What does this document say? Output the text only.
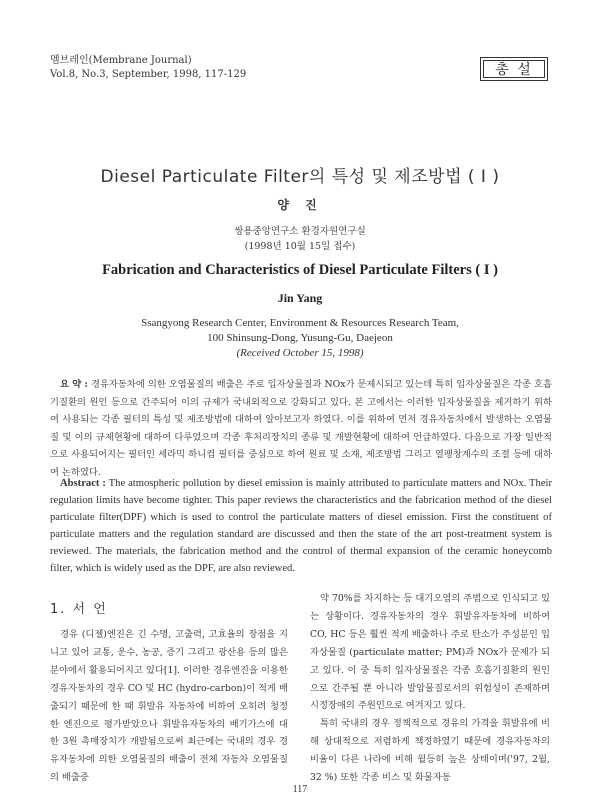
멤브레인(Membrane Journal)
Vol.8, No.3, September, 1998, 117-129	총 설
Diesel Particulate Filter의 특성 및 제조방법 ( I )
양 진
쌍용중앙연구소 환경자원연구실
(1998년 10월 15일 접수)
Fabrication and Characteristics of Diesel Particulate Filters ( I )
Jin Yang
Ssangyong Research Center, Environment & Resources Research Team,
100 Shinsung-Dong, Yusung-Gu, Daejeon
(Received October 15, 1998)
요 약 : 경유자동차에 의한 오염물질의 배출은 주로 입자상물질과 NOx가 문제시되고 있는데 특히 입자상물질은 각종 호흡기질환의 원인 등으로 간주되어 이의 규제가 국내외적으로 강화되고 있다. 본 고에서는 이러한 입자상물질을 제거하기 위하여 사용되는 각종 필터의 특성 및 제조방법에 대하여 알아보고자 하였다. 이를 위하여 먼저 경유자동차에서 발생하는 오염물질 및 이의 규제현황에 대하여 다루었으며 각종 후처리장치의 종류 및 개발현황에 대하여 언급하였다. 다음으로 가장 일반적으로 사용되어지는 필터인 세라믹 하니컴 필터를 중심으로 하여 원료 및 소재, 제조방법 그리고 열팽창계수의 조절 등에 대하여 논하였다.
Abstract : The atmospheric pollution by diesel emission is mainly attributed to particulate matters and NOx. Their regulation limits have become tighter. This paper reviews the characteristics and the fabrication method of the diesel particulate filter(DPF) which is used to control the particulate matters of diesel emission. First the constituent of particulate matters and the regulation standard are discussed and then the state of the art post-treatment system is reviewed. The materials, the fabrication method and the control of thermal expansion of the ceramic honeycomb filter, which is widely used as the DPF, are also reviewed.
1. 서 언
경유 (디젤)엔진은 긴 수명, 고출력, 고효율의 장점을 지니고 있어 교통, 운수, 농공, 증기 그리고 광산용 등의 많은 분야에서 활용되어지고 있다[1]. 이러한 경유엔진을 이용한 경유자동차의 경우 CO 및 HC (hydro-carbon)이 적게 배출되기 때문에 한 때 휘발유 자동차에 비하여 오히려 청정한 엔진으로 평가받았으나 휘발유자동차의 배기가스에 대한 3원 촉매장치가 개발됨으로써 최근에는 국내의 경우 경유자동차에 의한 오염물질의 배출이 전체 자동차 오염물질의 배출중

약 70%를 차지하는 등 대기오염의 주범으로 인식되고 있는 상황이다. 경유자동차의 경우 휘발유자동차에 비하여 CO, HC 등은 훨씬 적게 배출하나 주로 탄소가 주성분인 입자상물질 (particulate matter; PM)과 NOx가 문제가 되고 있다. 이 중 특히 입자상물질은 각종 호흡기질환의 원인으로 간주될 뿐 아니라 발암물질로서의 위험성이 존재하며 시정장애의 주원인으로 여겨지고 있다.

특히 국내의 경우 정책적으로 경유의 가격을 휘발유에 비해 상대적으로 저렴하게 책정하였기 때문에 경유자동차의 비율이 다른 나라에 비해 월등히 높은 상태이며('97, 2월, 32 %) 또한 각종 비스 및 화물자동

117
